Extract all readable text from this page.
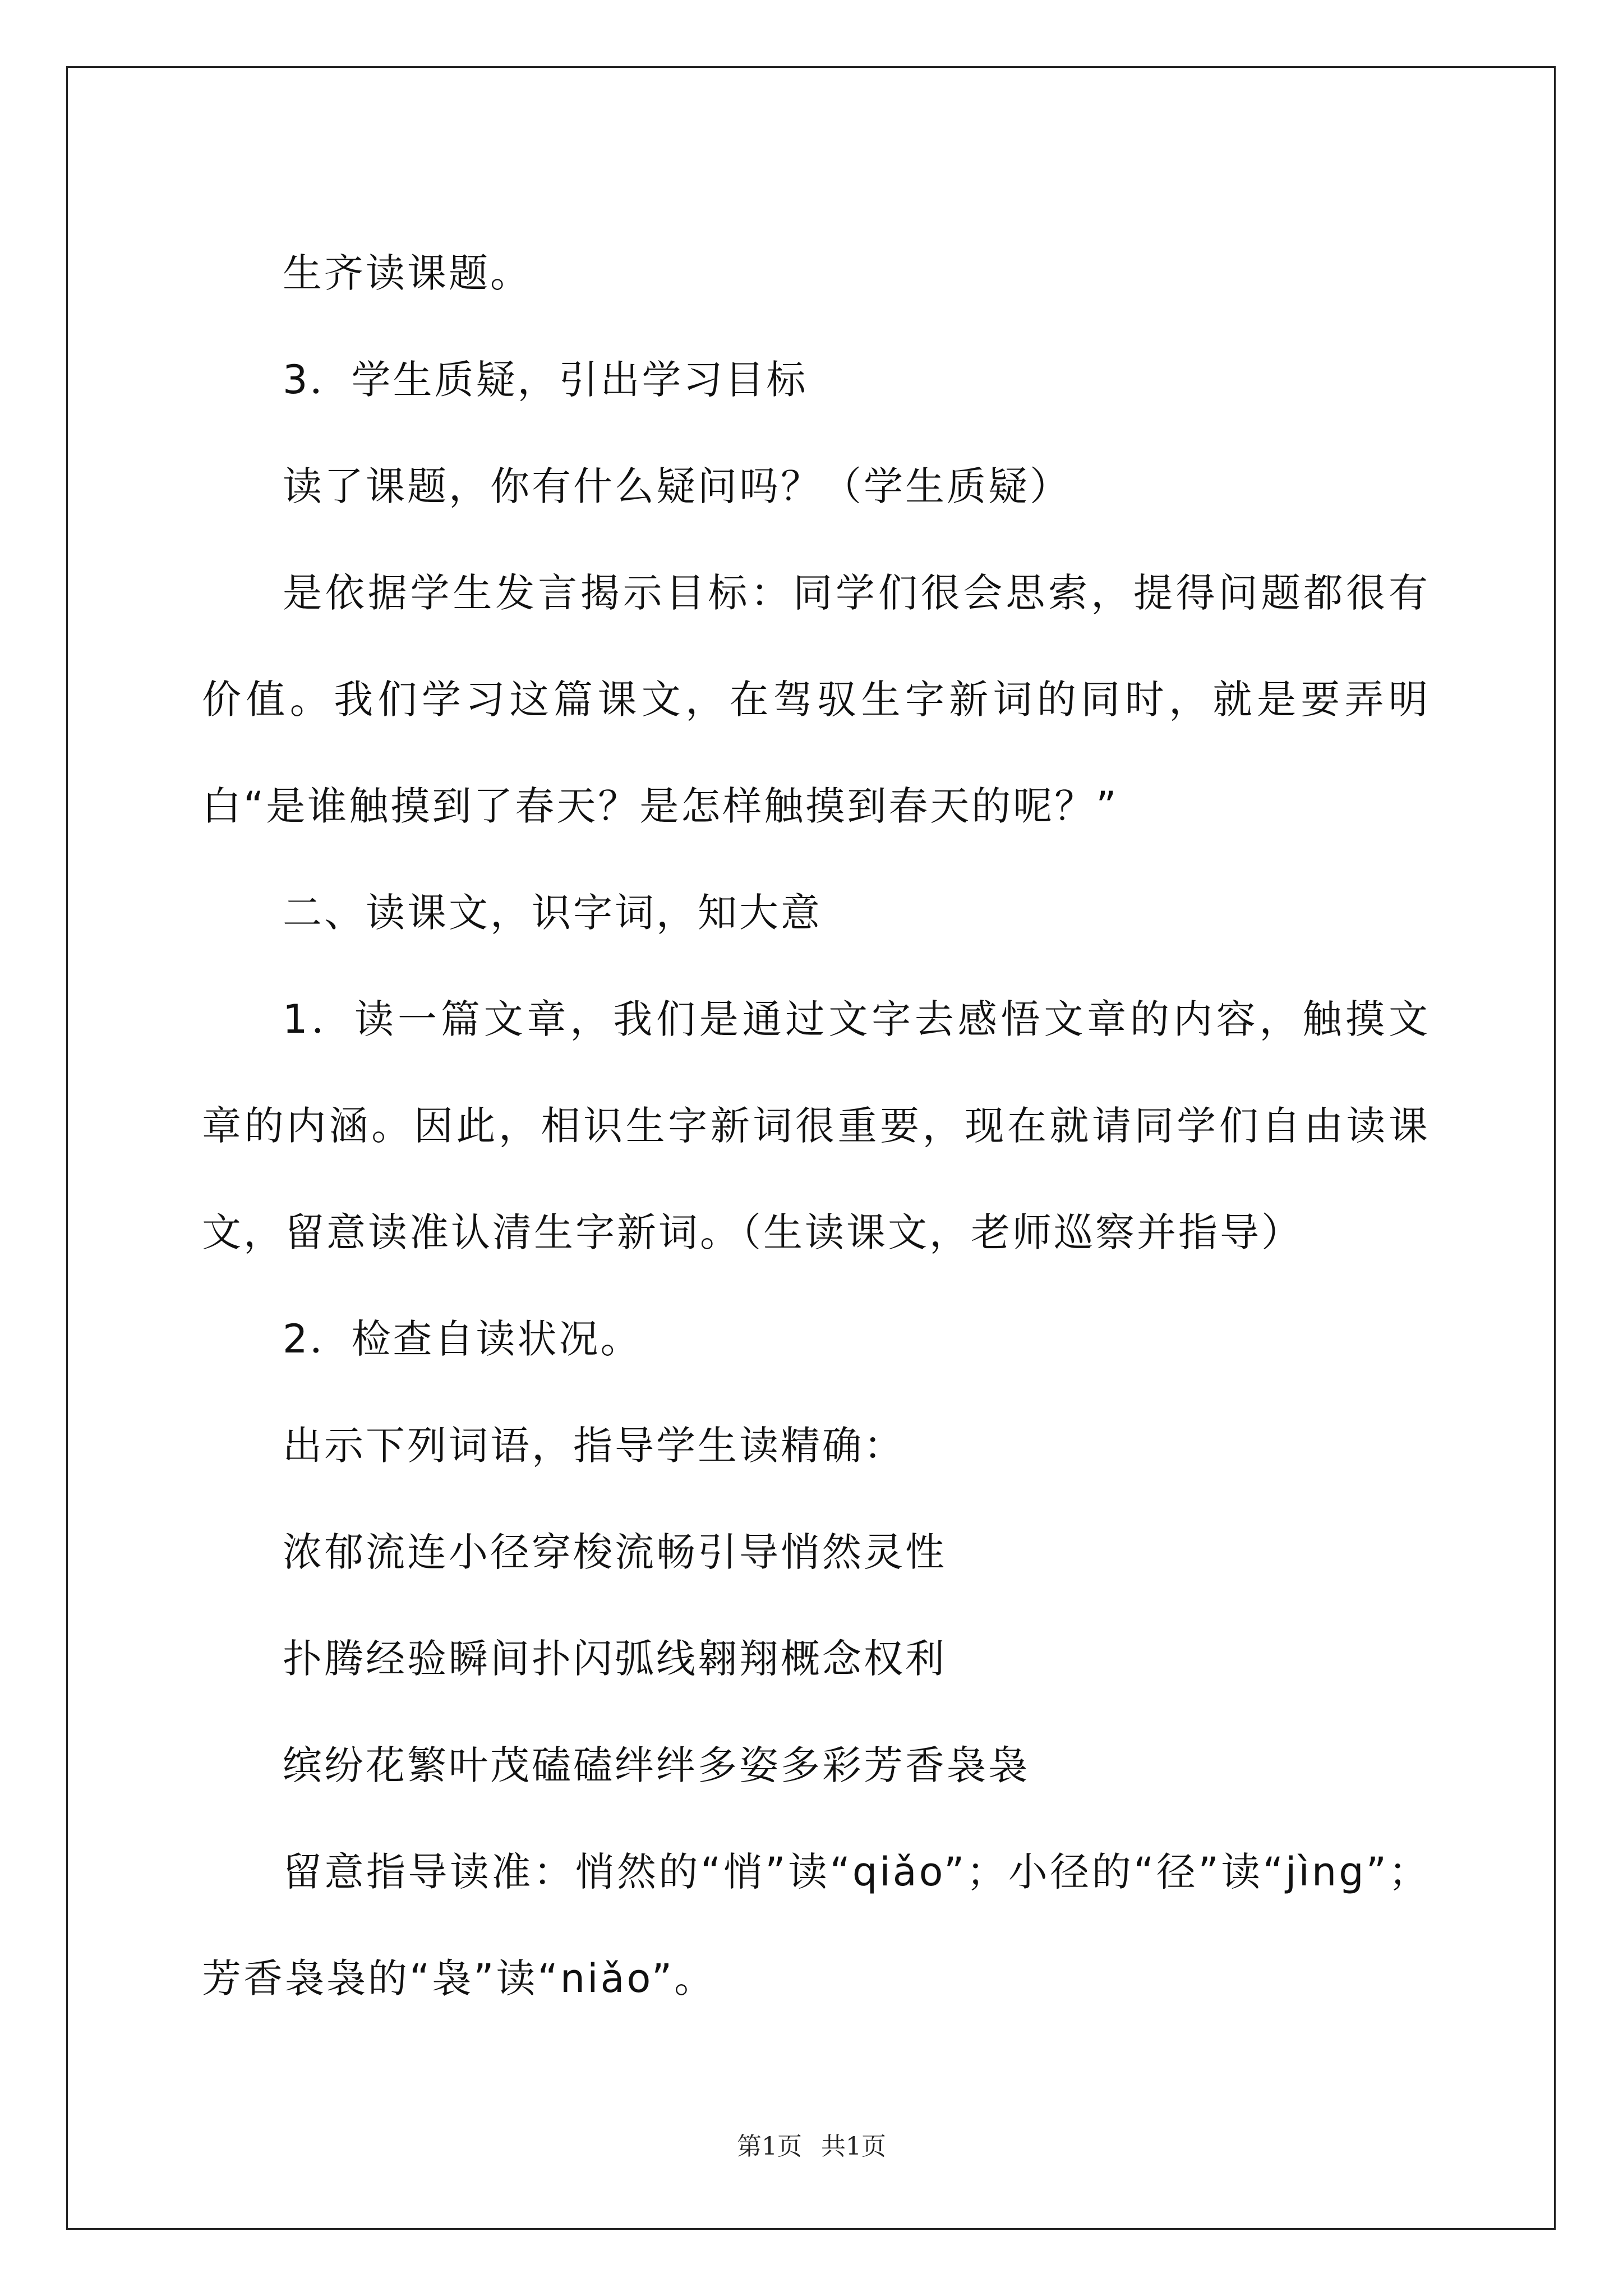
生齐读课题。

3．学生质疑，引出学习目标

读了课题，你有什么疑问吗？（学生质疑）

是依据学生发言揭示目标：同学们很会思索，提得问题都很有价值。我们学习这篇课文，在驾驭生字新词的同时，就是要弄明白“是谁触摸到了春天？是怎样触摸到春天的呢？”

二、读课文，识字词，知大意

1．读一篇文章，我们是通过文字去感悟文章的内容，触摸文章的内涵。因此，相识生字新词很重要，现在就请同学们自由读课文，留意读准认清生字新词。（生读课文，老师巡察并指导）

2．检查自读状况。

出示下列词语，指导学生读精确：

浓郁流连小径穿梭流畅引导悄然灵性

扑腾经验瞬间扑闪弧线翱翔概念权利

缤纷花繁叶茂磕磕绊绊多姿多彩芳香袅袅

留意指导读准：悄然的“悄”读“qiǎo”；小径的“径”读“jìng”；芳香袅袅的“袅”读“niǎo”。

第1页 共1页
